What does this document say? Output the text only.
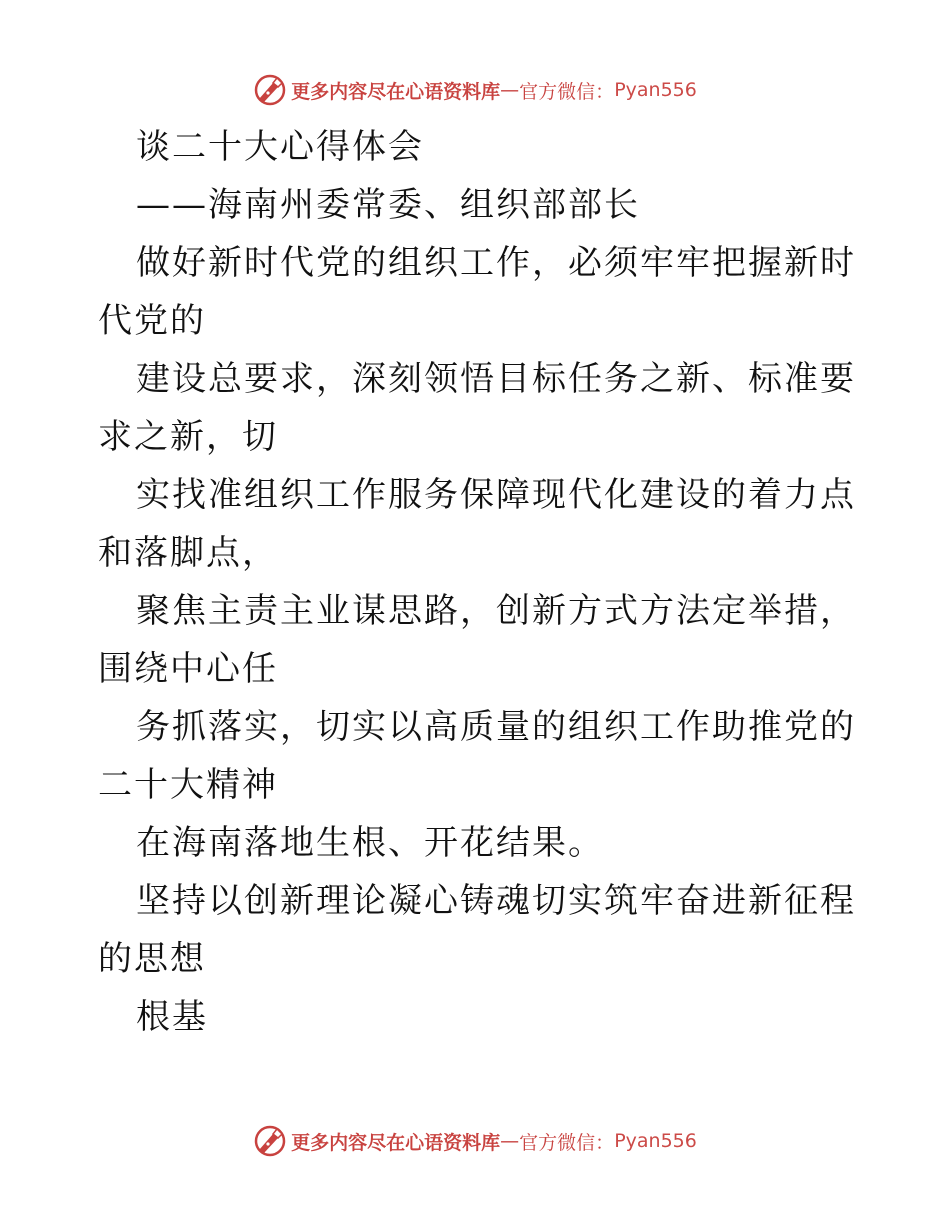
更多内容尽在心语资料库 — 官方微信： Pyan556

谈二十大心得体会

——海南州委常委、组织部部长

做好新时代党的组织工作，必须牢牢把握新时代党的

建设总要求，深刻领悟目标任务之新、标准要求之新，切

实找准组织工作服务保障现代化建设的着力点和落脚点，

聚焦主责主业谋思路，创新方式方法定举措，围绕中心任

务抓落实，切实以高质量的组织工作助推党的二十大精神

在海南落地生根、开花结果。

坚持以创新理论凝心铸魂切实筑牢奋进新征程的思想

根基

更多内容尽在心语资料库 — 官方微信： Pyan556
